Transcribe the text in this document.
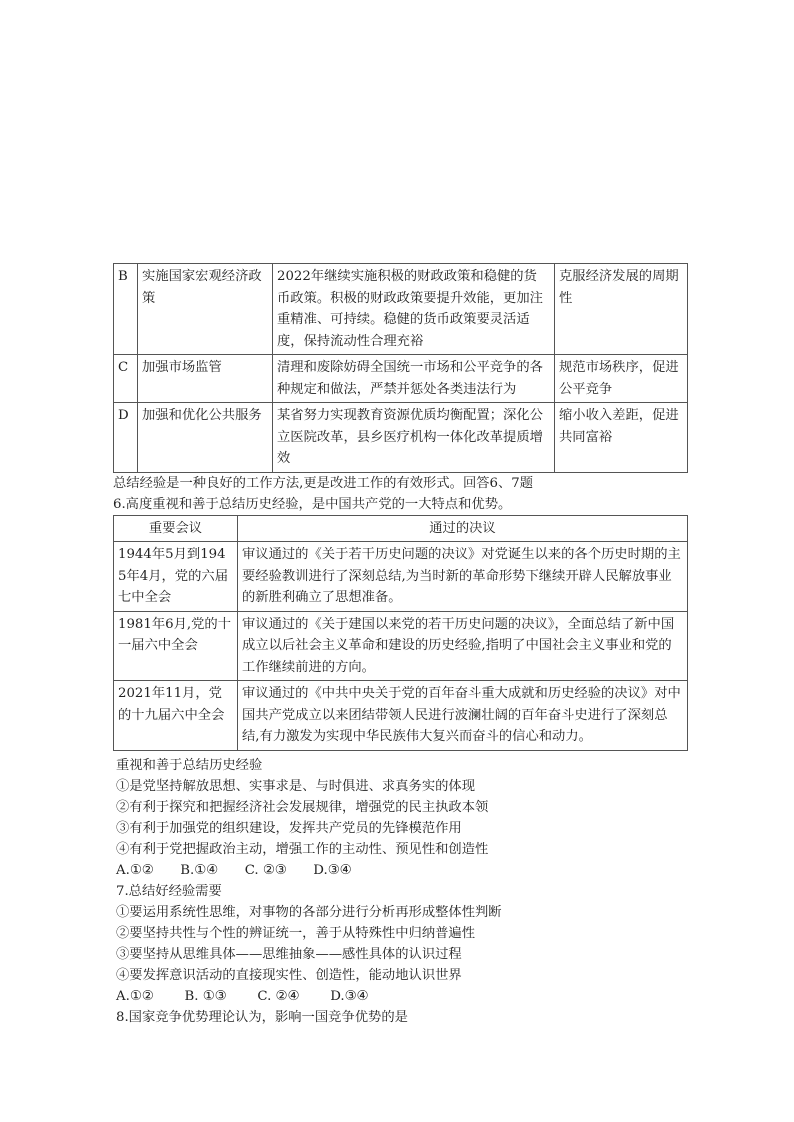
B	实施国家宏观经济政策	2022年继续实施积极的财政政策和稳健的货币政策。积极的财政政策要提升效能，更加注重精准、可持续。稳健的货币政策要灵活适度，保持流动性合理充裕	克服经济发展的周期性
C	加强市场监管	清理和废除妨碍全国统一市场和公平竞争的各种规定和做法，严禁并惩处各类违法行为	规范市场秩序，促进公平竞争
D	加强和优化公共服务	某省努力实现教育资源优质均衡配置；深化公立医院改革，县乡医疗机构一体化改革提质增效	缩小收入差距，促进共同富裕
总结经验是一种良好的工作方法,更是改进工作的有效形式。回答6、7题
6.高度重视和善于总结历史经验，是中国共产党的一大特点和优势。
重要会议	通过的决议
1944年5月到1945年4月，党的六届七中全会	审议通过的《关于若干历史问题的决议》对党诞生以来的各个历史时期的主要经验教训进行了深刻总结,为当时新的革命形势下继续开辟人民解放事业的新胜利确立了思想准备。
1981年6月,党的十一届六中全会	审议通过的《关于建国以来党的若干历史问题的决议》，全面总结了新中国成立以后社会主义革命和建设的历史经验,指明了中国社会主义事业和党的工作继续前进的方向。
2021年11月，党的十九届六中全会	审议通过的《中共中央关于党的百年奋斗重大成就和历史经验的决议》对中国共产党成立以来团结带领人民进行波澜壮阔的百年奋斗史进行了深刻总结,有力激发为实现中华民族伟大复兴而奋斗的信心和动力。
重视和善于总结历史经验
①是党坚持解放思想、实事求是、与时俱进、求真务实的体现
②有利于探究和把握经济社会发展规律，增强党的民主执政本领
③有利于加强党的组织建设，发挥共产党员的先锋模范作用
④有利于党把握政治主动，增强工作的主动性、预见性和创造性
A.①②　　B.①④　　C. ②③　　D.③④
7.总结好经验需要
①要运用系统性思维，对事物的各部分进行分析再形成整体性判断
②要坚持共性与个性的辨证统一，善于从特殊性中归纳普遍性
③要坚持从思维具体——思维抽象——感性具体的认识过程
④要发挥意识活动的直接现实性、创造性，能动地认识世界
A.①②　　 B. ①③　　 C. ②④　　 D.③④
8.国家竞争优势理论认为，影响一国竞争优势的是
